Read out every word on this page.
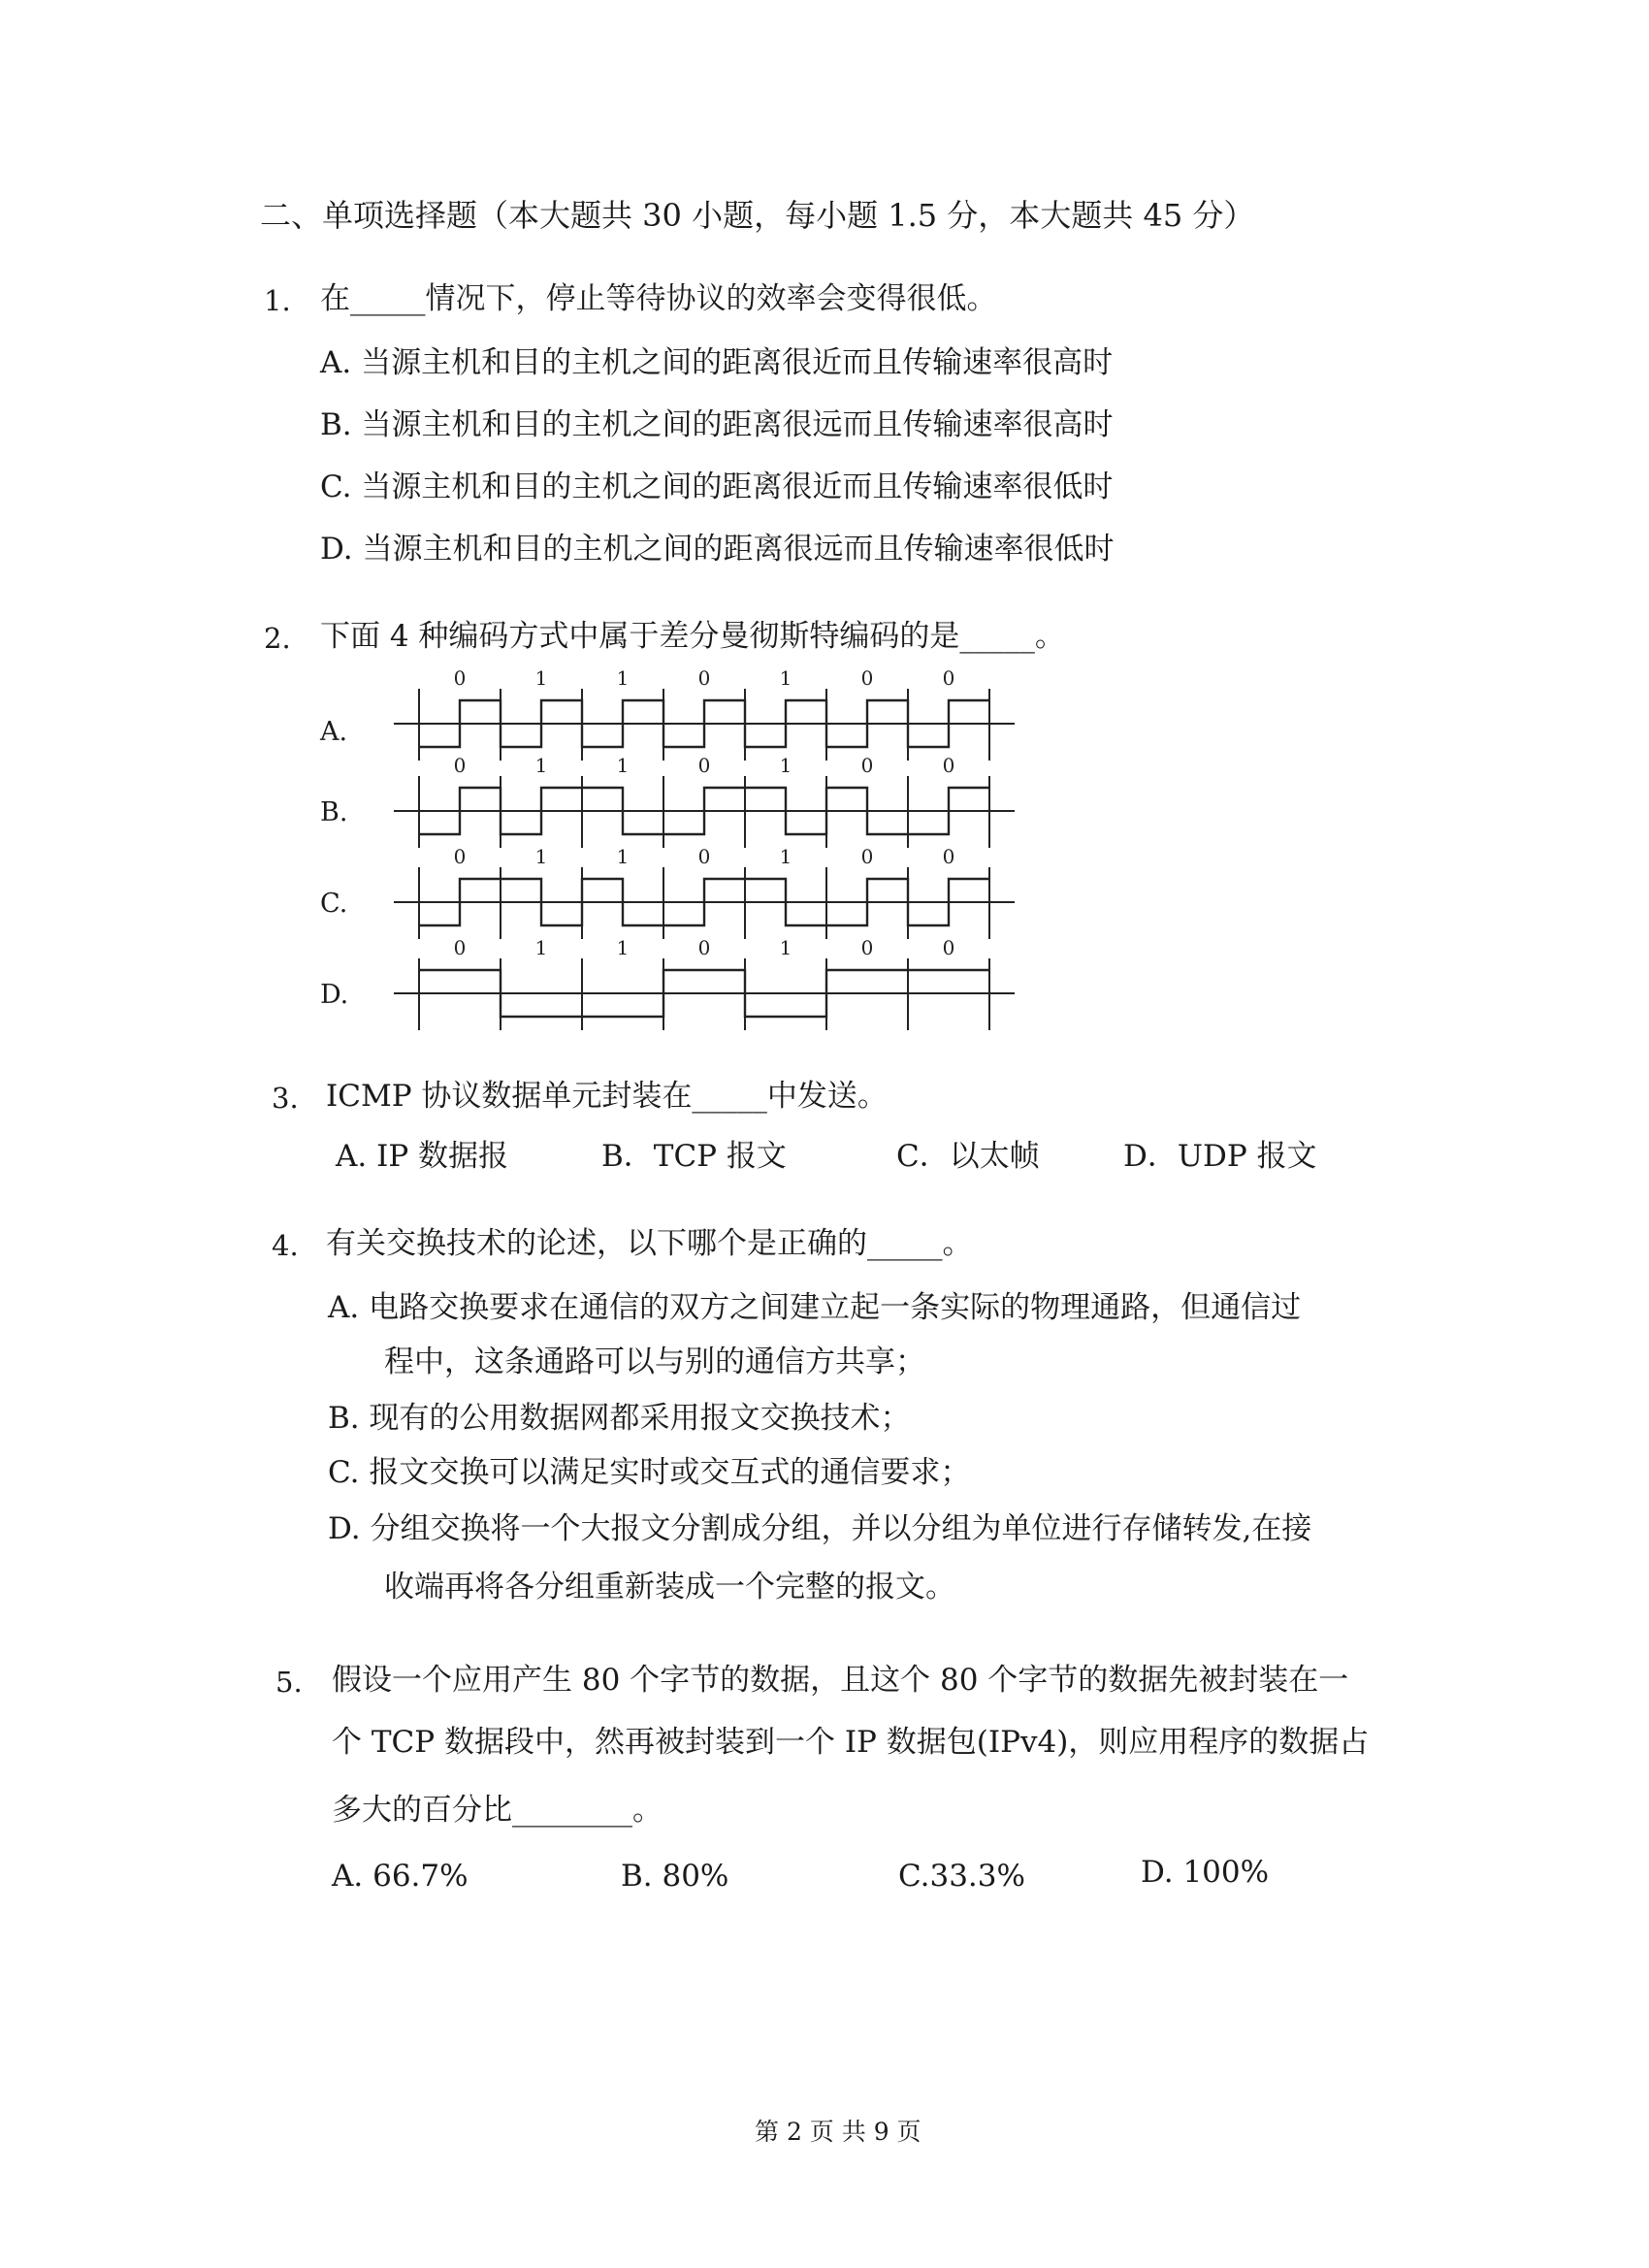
二、单项选择题（本大题共 30 小题，每小题 1.5 分，本大题共 45 分）
1. 在_____情况下，停止等待协议的效率会变得很低。
A. 当源主机和目的主机之间的距离很近而且传输速率很高时
B. 当源主机和目的主机之间的距离很远而且传输速率很高时
C. 当源主机和目的主机之间的距离很近而且传输速率很低时
D. 当源主机和目的主机之间的距离很远而且传输速率很低时
2. 下面 4 种编码方式中属于差分曼彻斯特编码的是_____。
A.
B.
C.
D.
0	1	1	0	1	0	0
0	1	1	0	1	0	0
0	1	1	0	1	0	0
0	1	1	0	1	0	0
3. ICMP 协议数据单元封装在_____中发送。
A. IP 数据报	B．TCP 报文	C．以太帧	D．UDP 报文
4. 有关交换技术的论述，以下哪个是正确的_____。
A. 电路交换要求在通信的双方之间建立起一条实际的物理通路，但通信过
程中，这条通路可以与别的通信方共享；
B. 现有的公用数据网都采用报文交换技术；
C. 报文交换可以满足实时或交互式的通信要求；
D. 分组交换将一个大报文分割成分组，并以分组为单位进行存储转发,在接
收端再将各分组重新装成一个完整的报文。
5. 假设一个应用产生 80 个字节的数据，且这个 80 个字节的数据先被封装在一
个 TCP 数据段中，然再被封装到一个 IP 数据包(IPv4)，则应用程序的数据占
多大的百分比________。
A. 66.7%	B. 80%	C.33.3%	D. 100%
第 2 页 共 9 页
